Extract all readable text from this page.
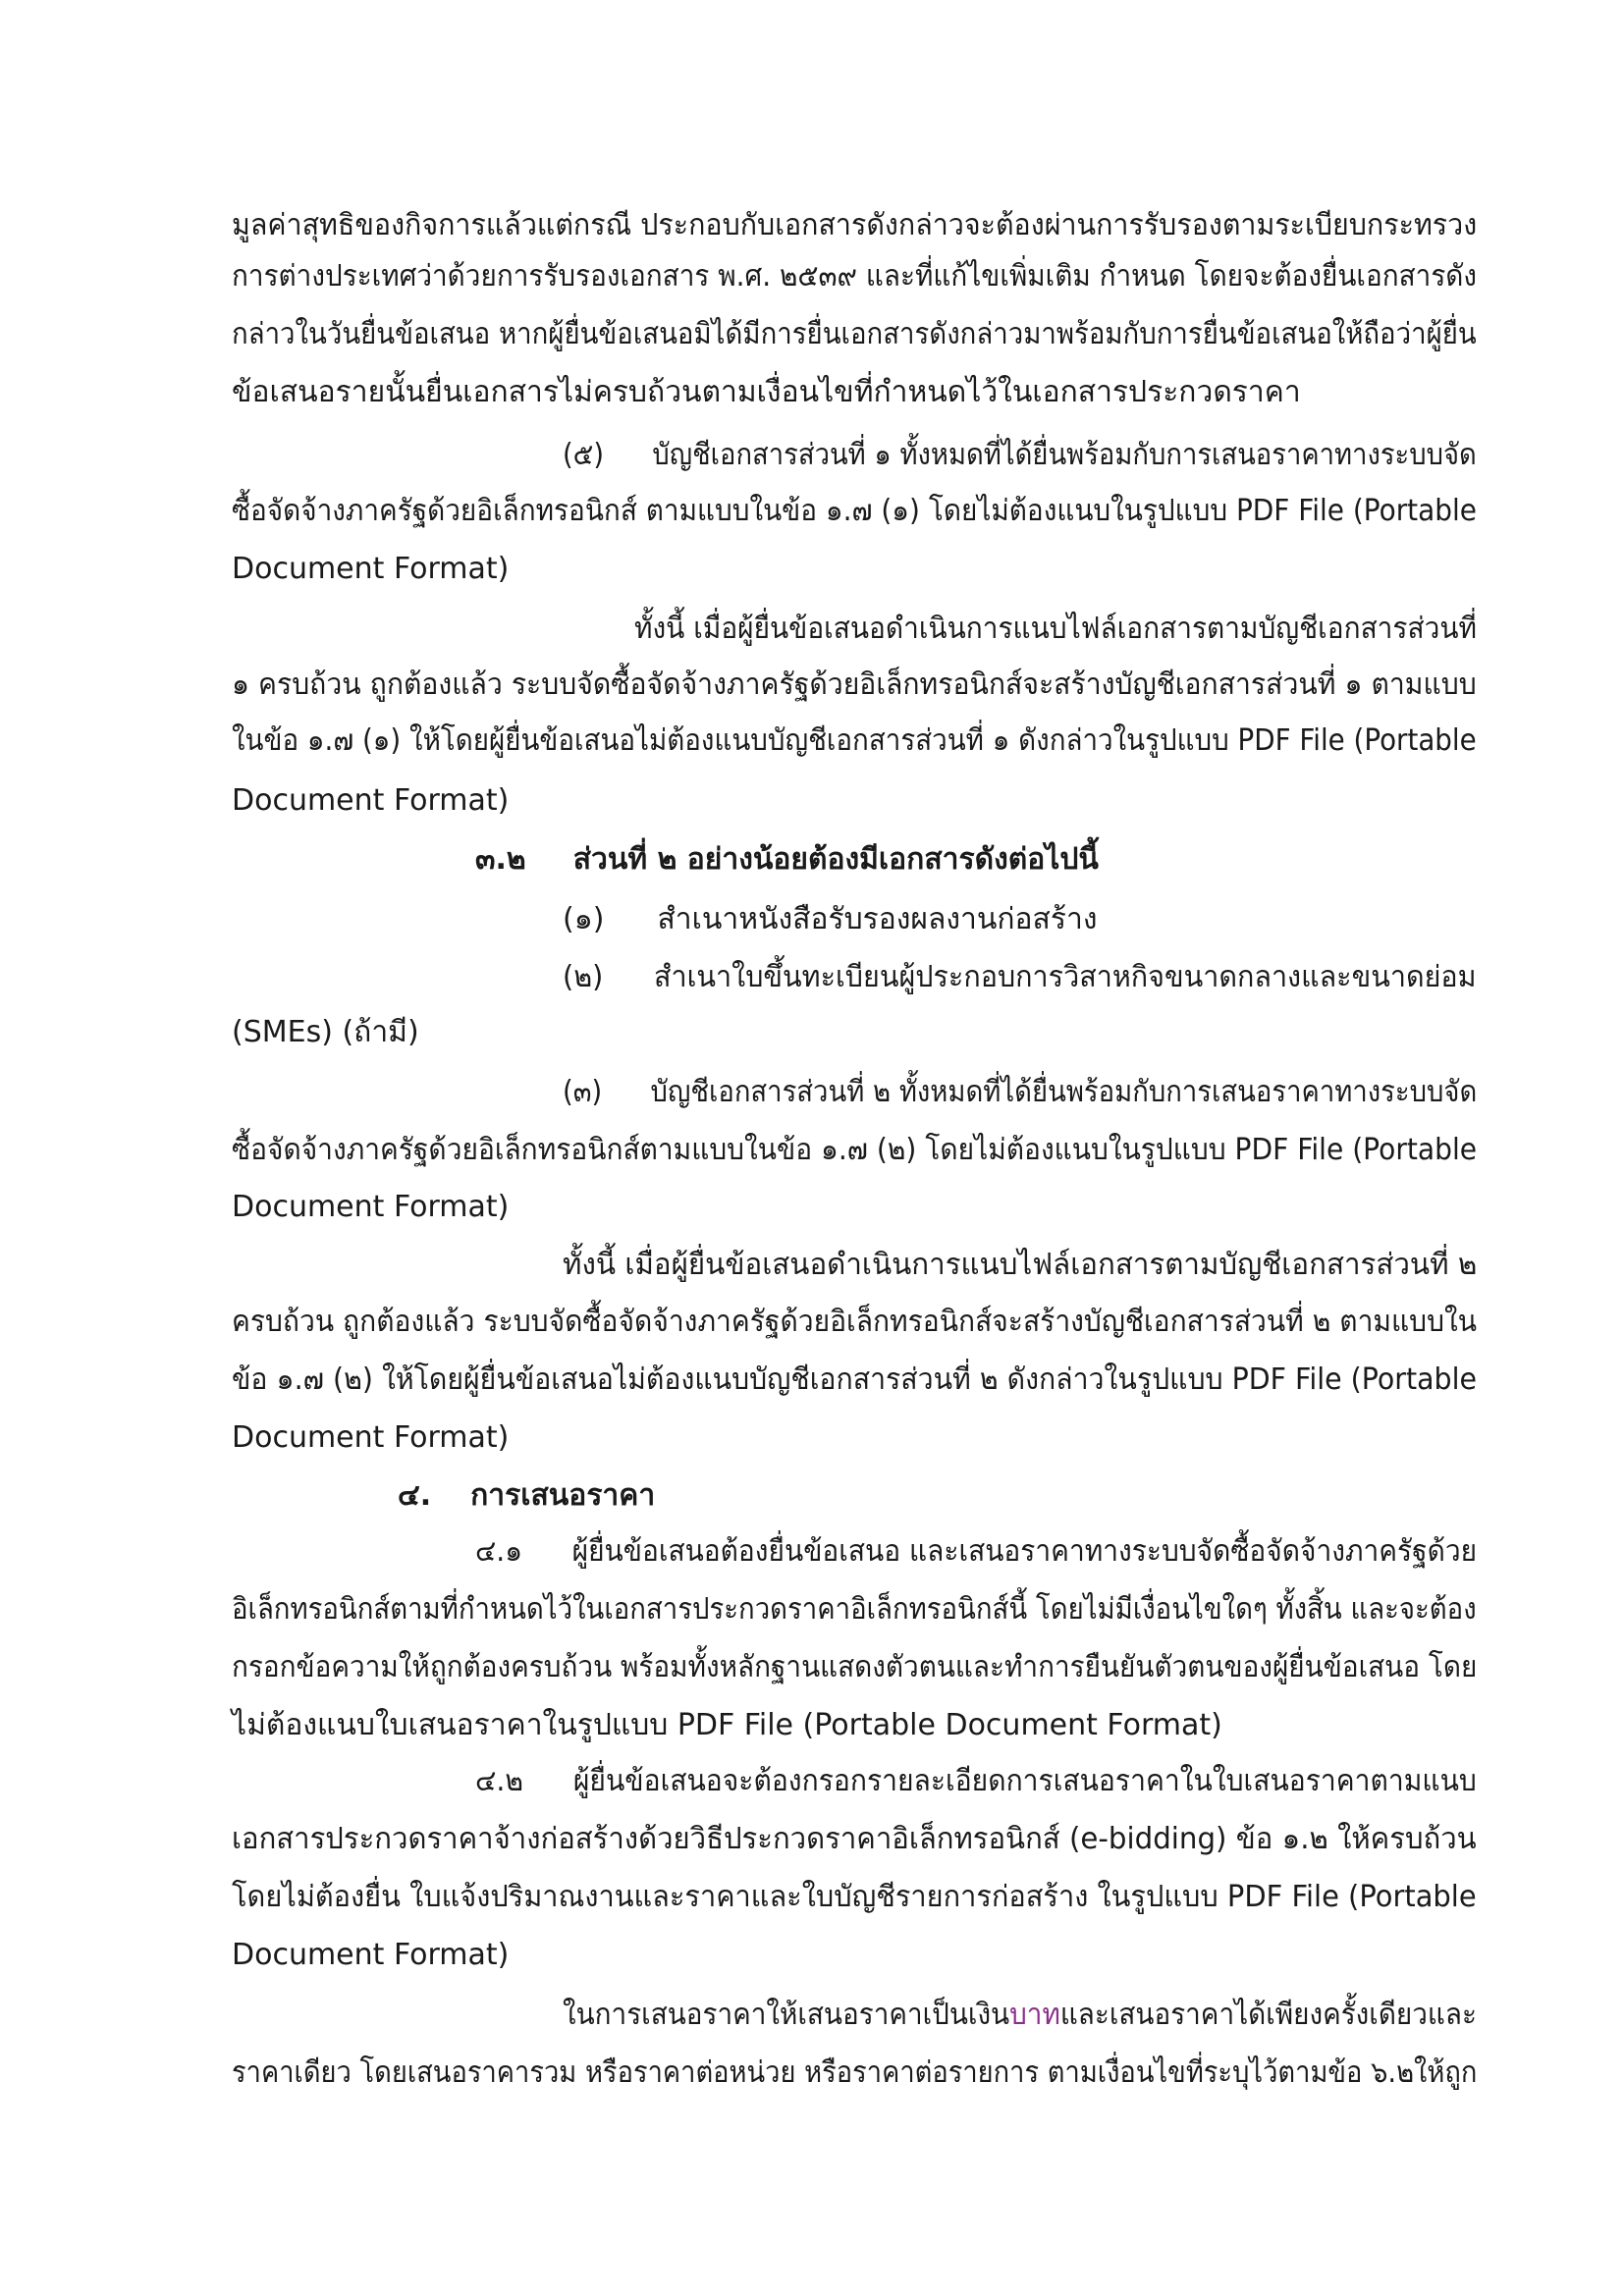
มูลค่าสุทธิของกิจการแล้วแต่กรณี ประกอบกับเอกสารดังกล่าวจะต้องผ่านการรับรองตามระเบียบกระทรวง

การต่างประเทศว่าด้วยการรับรองเอกสาร พ.ศ. ๒๕๓๙ และที่แก้ไขเพิ่มเติม กำหนด โดยจะต้องยื่นเอกสารดัง

กล่าวในวันยื่นข้อเสนอ หากผู้ยื่นข้อเสนอมิได้มีการยื่นเอกสารดังกล่าวมาพร้อมกับการยื่นข้อเสนอให้ถือว่าผู้ยื่น

ข้อเสนอรายนั้นยื่นเอกสารไม่ครบถ้วนตามเงื่อนไขที่กำหนดไว้ในเอกสารประกวดราคา

(๕) บัญชีเอกสารส่วนที่ ๑ ทั้งหมดที่ได้ยื่นพร้อมกับการเสนอราคาทางระบบจัด

ซื้อจัดจ้างภาครัฐด้วยอิเล็กทรอนิกส์ ตามแบบในข้อ ๑.๗ (๑) โดยไม่ต้องแนบในรูปแบบ PDF File (Portable

Document Format)

ทั้งนี้ เมื่อผู้ยื่นข้อเสนอดำเนินการแนบไฟล์เอกสารตามบัญชีเอกสารส่วนที่

๑ ครบถ้วน ถูกต้องแล้ว ระบบจัดซื้อจัดจ้างภาครัฐด้วยอิเล็กทรอนิกส์จะสร้างบัญชีเอกสารส่วนที่ ๑ ตามแบบ

ในข้อ ๑.๗ (๑) ให้โดยผู้ยื่นข้อเสนอไม่ต้องแนบบัญชีเอกสารส่วนที่ ๑ ดังกล่าวในรูปแบบ PDF File (Portable

Document Format)

๓.๒ ส่วนที่ ๒ อย่างน้อยต้องมีเอกสารดังต่อไปนี้

(๑) สำเนาหนังสือรับรองผลงานก่อสร้าง

(๒) สำเนาใบขึ้นทะเบียนผู้ประกอบการวิสาหกิจขนาดกลางและขนาดย่อม

(SMEs) (ถ้ามี)

(๓) บัญชีเอกสารส่วนที่ ๒ ทั้งหมดที่ได้ยื่นพร้อมกับการเสนอราคาทางระบบจัด

ซื้อจัดจ้างภาครัฐด้วยอิเล็กทรอนิกส์ตามแบบในข้อ ๑.๗ (๒) โดยไม่ต้องแนบในรูปแบบ PDF File (Portable

Document Format)

ทั้งนี้ เมื่อผู้ยื่นข้อเสนอดำเนินการแนบไฟล์เอกสารตามบัญชีเอกสารส่วนที่ ๒

ครบถ้วน ถูกต้องแล้ว ระบบจัดซื้อจัดจ้างภาครัฐด้วยอิเล็กทรอนิกส์จะสร้างบัญชีเอกสารส่วนที่ ๒ ตามแบบใน

ข้อ ๑.๗ (๒) ให้โดยผู้ยื่นข้อเสนอไม่ต้องแนบบัญชีเอกสารส่วนที่ ๒ ดังกล่าวในรูปแบบ PDF File (Portable

Document Format)

๔. การเสนอราคา

๔.๑ ผู้ยื่นข้อเสนอต้องยื่นข้อเสนอ และเสนอราคาทางระบบจัดซื้อจัดจ้างภาครัฐด้วย

อิเล็กทรอนิกส์ตามที่กำหนดไว้ในเอกสารประกวดราคาอิเล็กทรอนิกส์นี้ โดยไม่มีเงื่อนไขใดๆ ทั้งสิ้น และจะต้อง

กรอกข้อความให้ถูกต้องครบถ้วน พร้อมทั้งหลักฐานแสดงตัวตนและทำการยืนยันตัวตนของผู้ยื่นข้อเสนอ โดย

ไม่ต้องแนบใบเสนอราคาในรูปแบบ PDF File (Portable Document Format)

๔.๒ ผู้ยื่นข้อเสนอจะต้องกรอกรายละเอียดการเสนอราคาในใบเสนอราคาตามแนบ

เอกสารประกวดราคาจ้างก่อสร้างด้วยวิธีประกวดราคาอิเล็กทรอนิกส์ (e-bidding) ข้อ ๑.๒ ให้ครบถ้วน

โดยไม่ต้องยื่น ใบแจ้งปริมาณงานและราคาและใบบัญชีรายการก่อสร้าง ในรูปแบบ PDF File (Portable

Document Format)

ในการเสนอราคาให้เสนอราคาเป็นเงินบาทและเสนอราคาได้เพียงครั้งเดียวและ

ราคาเดียว โดยเสนอราคารวม หรือราคาต่อหน่วย หรือราคาต่อรายการ ตามเงื่อนไขที่ระบุไว้ตามข้อ ๖.๒ให้ถูก
